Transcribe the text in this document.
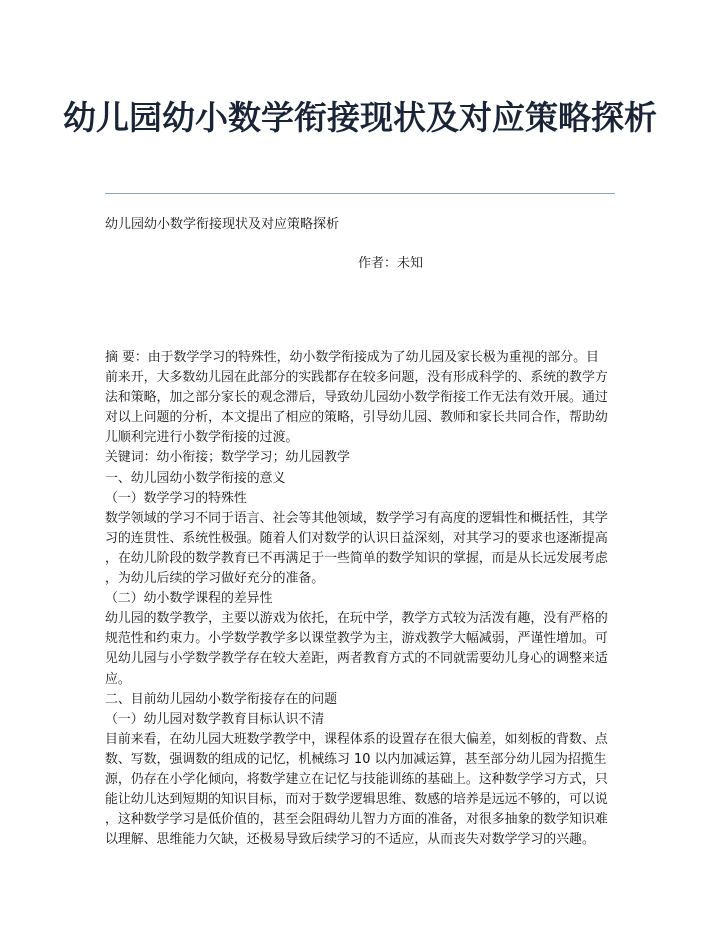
幼儿园幼小数学衔接现状及对应策略探析
幼儿园幼小数学衔接现状及对应策略探析
作者：未知
摘 要：由于数学学习的特殊性，幼小数学衔接成为了幼儿园及家长极为重视的部分。目
前来开，大多数幼儿园在此部分的实践都存在较多问题，没有形成科学的、系统的教学方
法和策略，加之部分家长的观念滞后，导致幼儿园幼小数学衔接工作无法有效开展。通过
对以上问题的分析，本文提出了相应的策略，引导幼儿园、教师和家长共同合作，帮助幼
儿顺利完进行小数学衔接的过渡。
关键词：幼小衔接；数学学习；幼儿园教学
一、幼儿园幼小数学衔接的意义
（一）数学学习的特殊性
数学领域的学习不同于语言、社会等其他领域，数学学习有高度的逻辑性和概括性，其学
习的连贯性、系统性极强。随着人们对数学的认识日益深刻，对其学习的要求也逐渐提高
，在幼儿阶段的数学教育已不再满足于一些简单的数学知识的掌握，而是从长远发展考虑
，为幼儿后续的学习做好充分的准备。
（二）幼小数学课程的差异性
幼儿园的数学教学，主要以游戏为依托，在玩中学，教学方式较为活泼有趣，没有严格的
规范性和约束力。小学数学教学多以课堂教学为主，游戏教学大幅减弱，严谨性增加。可
见幼儿园与小学数学教学存在较大差距，两者教育方式的不同就需要幼儿身心的调整来适
应。
二、目前幼儿园幼小数学衔接存在的问题
（一）幼儿园对数学教育目标认识不清
目前来看，在幼儿园大班数学教学中，课程体系的设置存在很大偏差，如刻板的背数、点
数、写数，强调数的组成的记忆，机械练习 10 以内加减运算，甚至部分幼儿园为招揽生
源，仍存在小学化倾向，将数学建立在记忆与技能训练的基础上。这种数学学习方式，只
能让幼儿达到短期的知识目标，而对于数学逻辑思维、数感的培养是远远不够的，可以说
，这种数学学习是低价值的，甚至会阻碍幼儿智力方面的准备，对很多抽象的数学知识难
以理解、思维能力欠缺，还极易导致后续学习的不适应，从而丧失对数学学习的兴趣。
